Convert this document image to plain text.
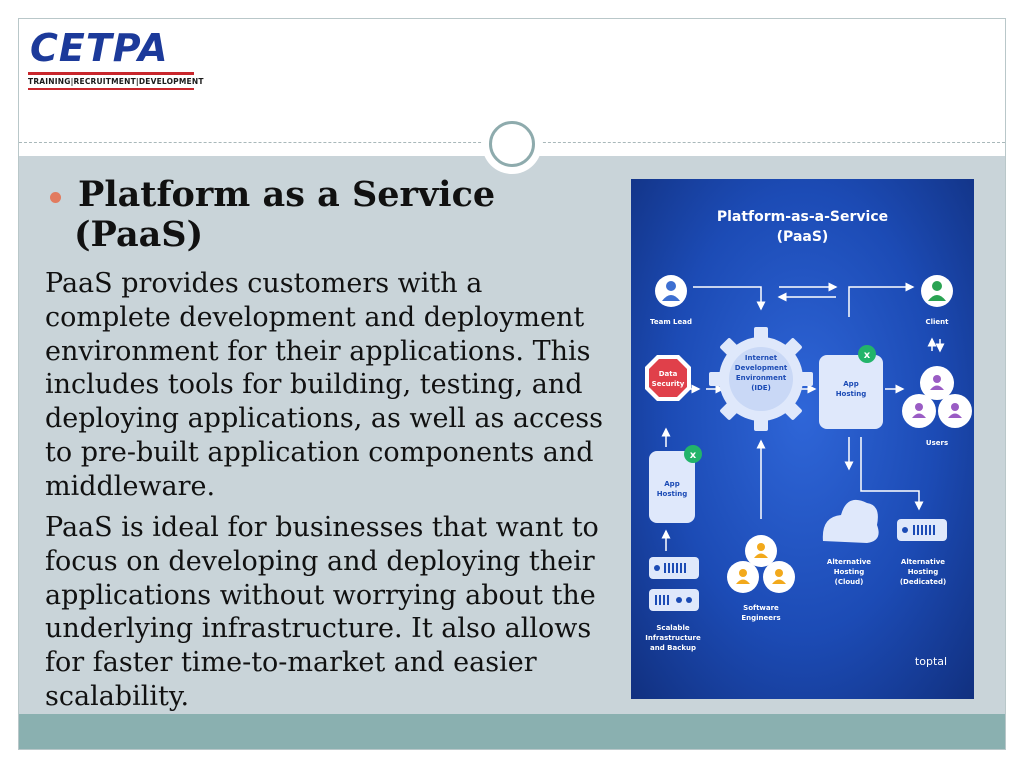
CETPA
TRAINING|RECRUITMENT|DEVELOPMENT
Platform as a Service
(PaaS)

PaaS provides customers with a complete development and deployment environment for their applications. This includes tools for building, testing, and deploying applications, as well as access to pre-built application components and middleware.

PaaS is ideal for businesses that want to focus on developing and deploying their applications without worrying about the underlying infrastructure. It also allows for faster time-to-market and easier scalability.

x
x
Platform-as-a-Service
(PaaS)
Team Lead	Client
Internet
Development
Environment
(IDE)
Data
Security	App
Hosting
Users
App
Hosting
Software
Engineers
Alternative
Hosting
(Cloud)
Alternative
Hosting
(Dedicated)
Scalable
Infrastructure
and Backup
toptal
